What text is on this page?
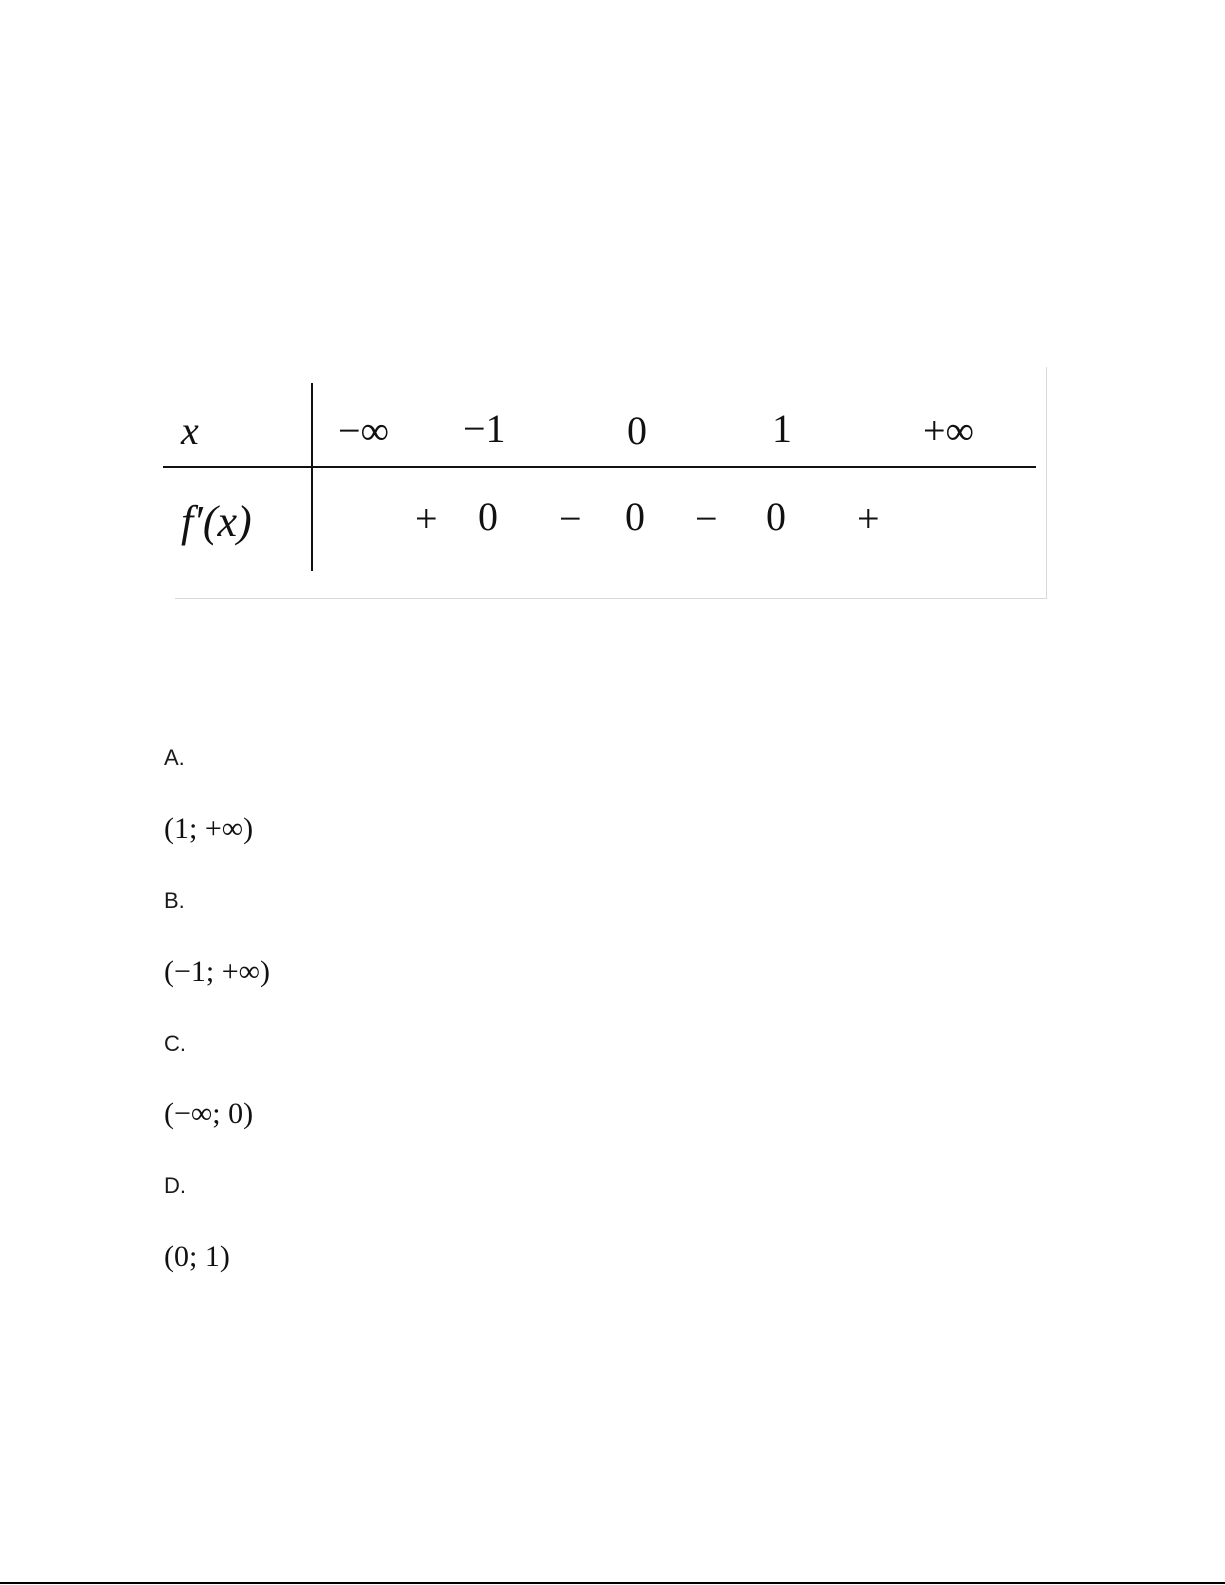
x	−∞ −1	0	1	+∞
f′(x)	+ 0 − 0 − 0 +
A.
(1; +∞)
B.
(−1; +∞)
C.
(−∞; 0)
D.
(0; 1)
